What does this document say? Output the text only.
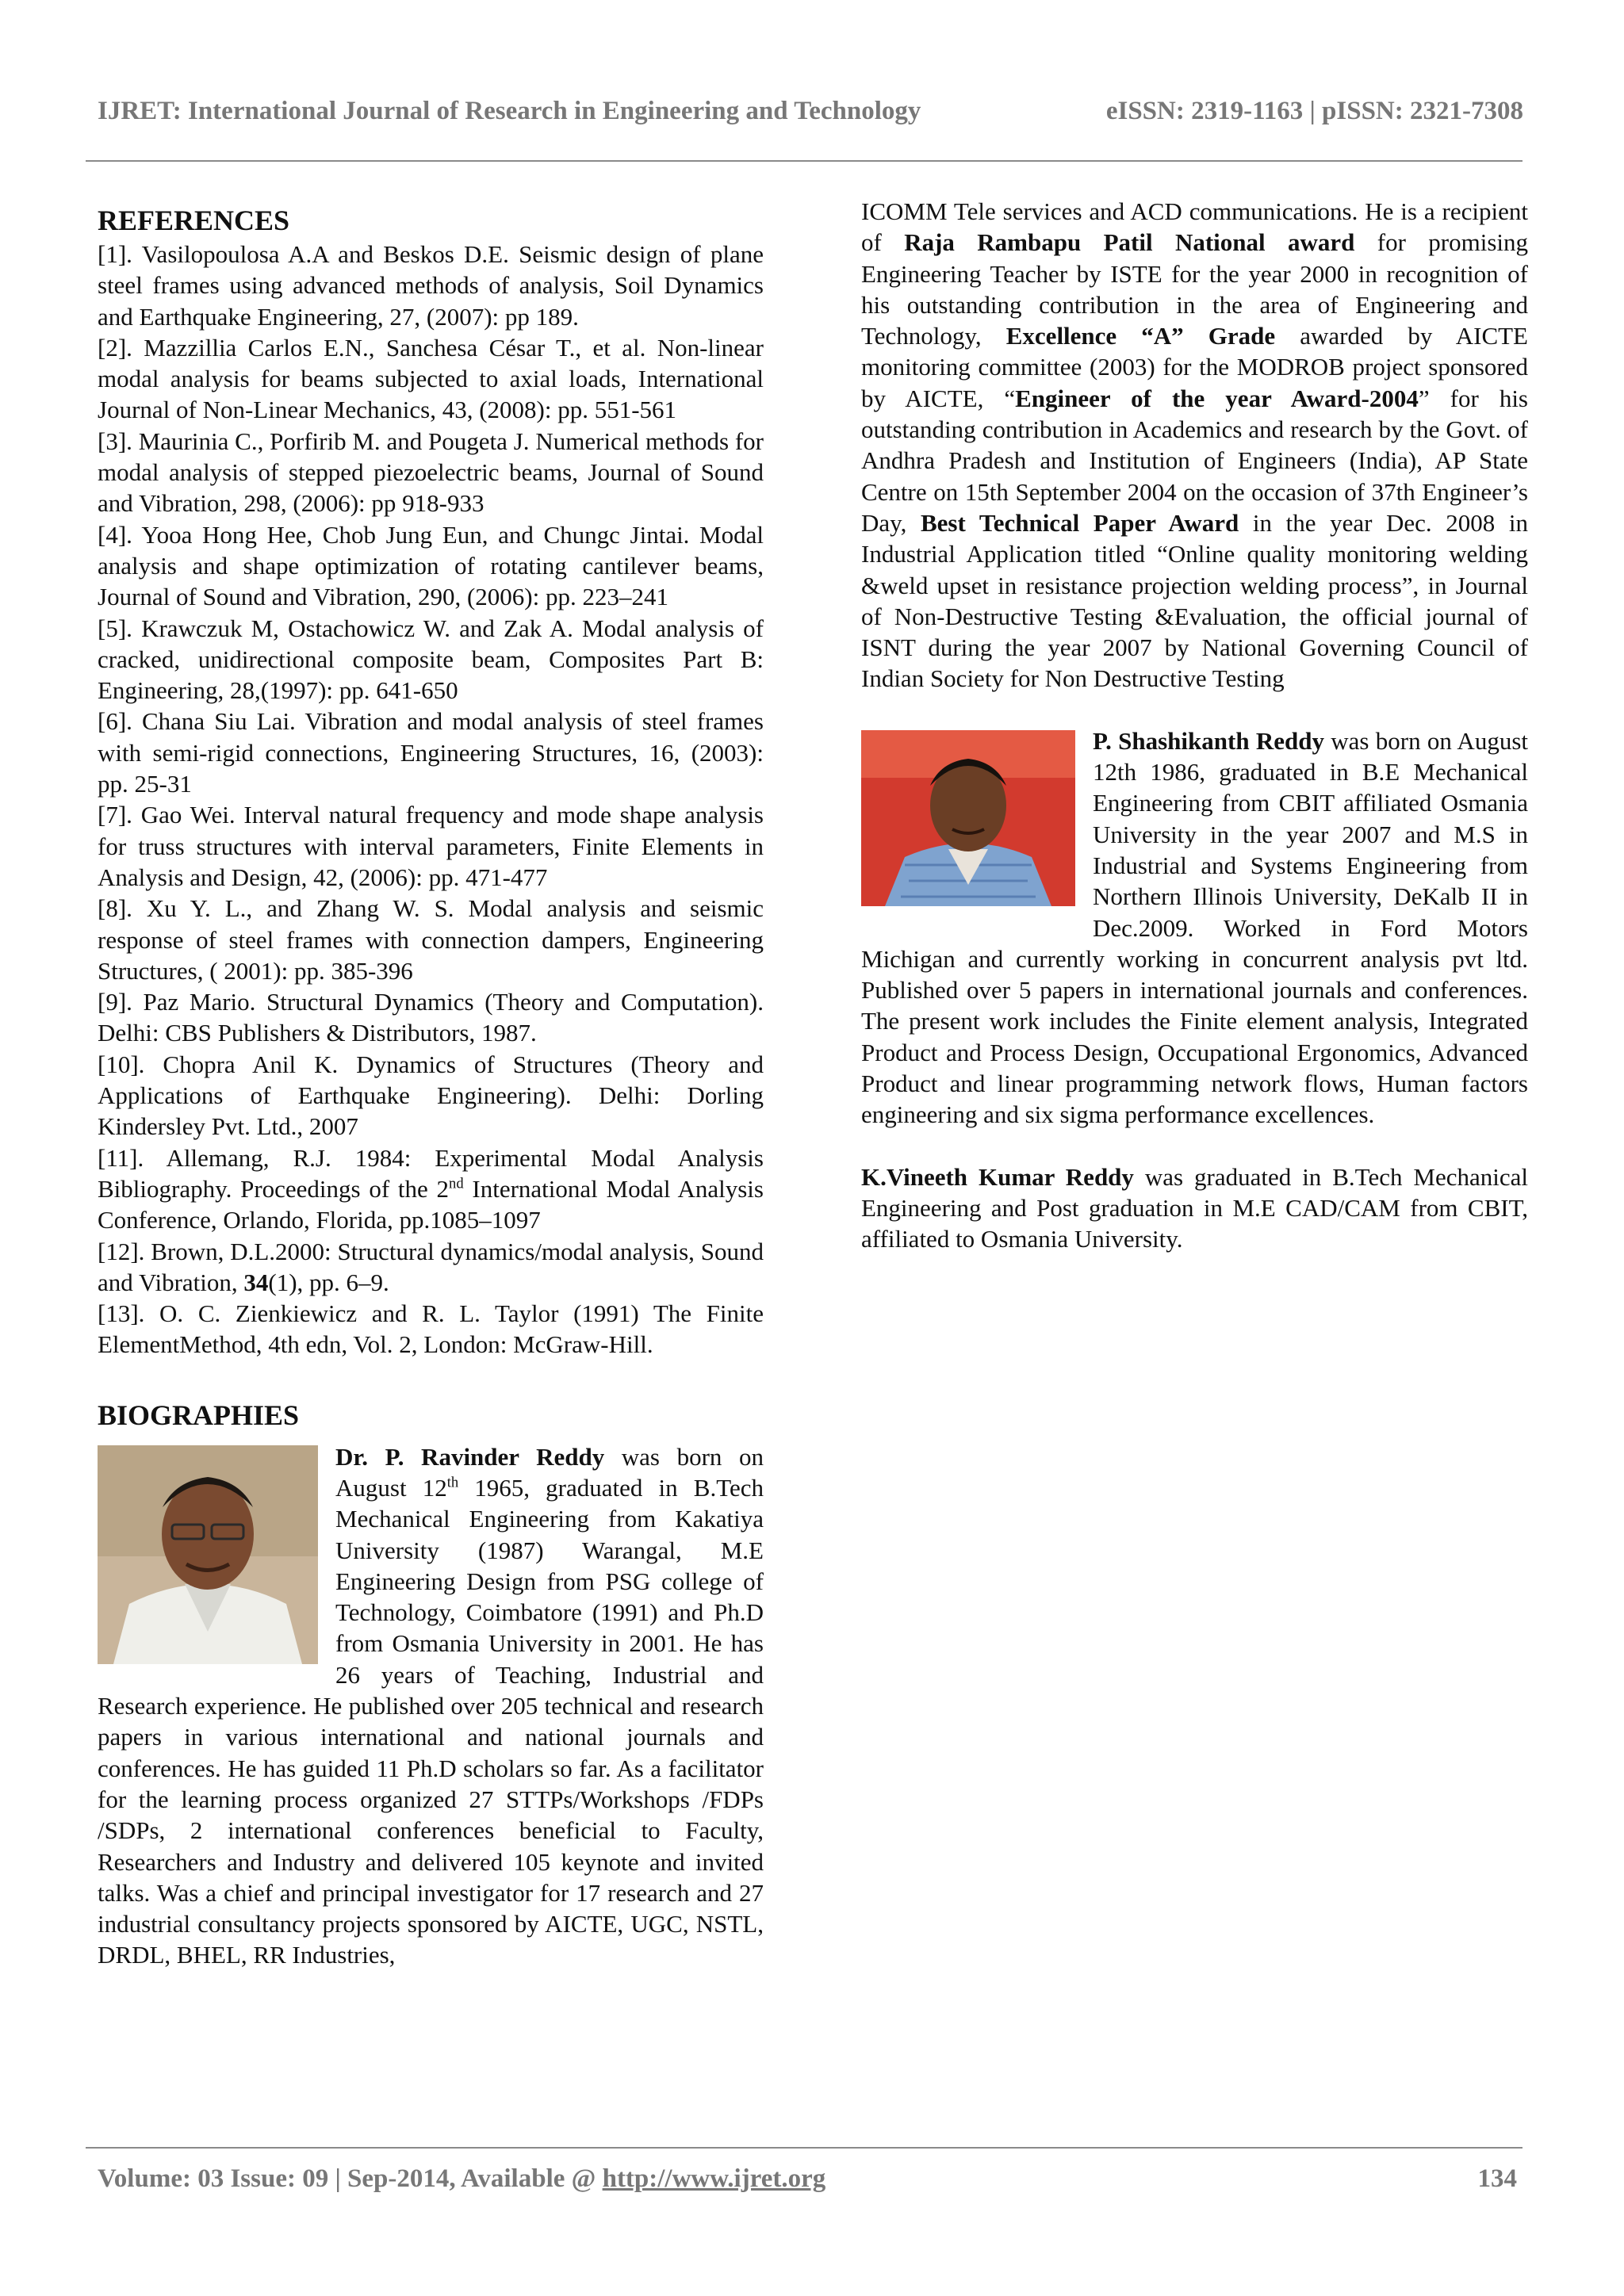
IJRET: International Journal of Research in Engineering and Technology	eISSN: 2319-1163 | pISSN: 2321-7308
REFERENCES

[1]. Vasilopoulosa A.A and Beskos D.E. Seismic design of plane steel frames using advanced methods of analysis, Soil Dynamics and Earthquake Engineering, 27, (2007): pp 189.

[2]. Mazzillia Carlos E.N., Sanchesa César T., et al. Non-linear modal analysis for beams subjected to axial loads, International Journal of Non-Linear Mechanics, 43, (2008): pp. 551-561

[3]. Maurinia C., Porfirib M. and Pougeta J. Numerical methods for modal analysis of stepped piezoelectric beams, Journal of Sound and Vibration, 298, (2006): pp 918-933

[4]. Yooa Hong Hee, Chob Jung Eun, and Chungc Jintai. Modal analysis and shape optimization of rotating cantilever beams, Journal of Sound and Vibration, 290, (2006): pp. 223–241

[5]. Krawczuk M, Ostachowicz W. and Zak A. Modal analysis of cracked, unidirectional composite beam, Composites Part B: Engineering, 28,(1997): pp. 641-650

[6]. Chana Siu Lai. Vibration and modal analysis of steel frames with semi-rigid connections, Engineering Structures, 16, (2003): pp. 25-31

[7]. Gao Wei. Interval natural frequency and mode shape analysis for truss structures with interval parameters, Finite Elements in Analysis and Design, 42, (2006): pp. 471-477

[8]. Xu Y. L., and Zhang W. S. Modal analysis and seismic response of steel frames with connection dampers, Engineering Structures, ( 2001): pp. 385-396

[9]. Paz Mario. Structural Dynamics (Theory and Computation). Delhi: CBS Publishers & Distributors, 1987.

[10]. Chopra Anil K. Dynamics of Structures (Theory and Applications of Earthquake Engineering). Delhi: Dorling Kindersley Pvt. Ltd., 2007

[11]. Allemang, R.J. 1984: Experimental Modal Analysis Bibliography. Proceedings of the 2nd International Modal Analysis Conference, Orlando, Florida, pp.1085–1097

[12]. Brown, D.L.2000: Structural dynamics/modal analysis, Sound and Vibration, 34(1), pp. 6–9.

[13]. O. C. Zienkiewicz and R. L. Taylor (1991) The Finite ElementMethod, 4th edn, Vol. 2, London: McGraw-Hill.

BIOGRAPHIES

Dr. P. Ravinder Reddy was born on August 12th 1965, graduated in B.Tech Mechanical Engineering from Kakatiya University (1987) Warangal, M.E Engineering Design from PSG college of Technology, Coimbatore (1991) and Ph.D from Osmania University in 2001. He has 26 years of Teaching, Industrial and Research experience. He published over 205 technical and research papers in various international and national journals and conferences. He has guided 11 Ph.D scholars so far. As a facilitator for the learning process organized 27 STTPs/Workshops /FDPs /SDPs, 2 international conferences beneficial to Faculty, Researchers and Industry and delivered 105 keynote and invited talks. Was a chief and principal investigator for 17 research and 27 industrial consultancy projects sponsored by AICTE, UGC, NSTL, DRDL, BHEL, RR Industries,

ICOMM Tele services and ACD communications. He is a recipient of Raja Rambapu Patil National award for promising Engineering Teacher by ISTE for the year 2000 in recognition of his outstanding contribution in the area of Engineering and Technology, Excellence “A” Grade awarded by AICTE monitoring committee (2003) for the MODROB project sponsored by AICTE, “Engineer of the year Award-2004” for his outstanding contribution in Academics and research by the Govt. of Andhra Pradesh and Institution of Engineers (India), AP State Centre on 15th September 2004 on the occasion of 37th Engineer’s Day, Best Technical Paper Award in the year Dec. 2008 in Industrial Application titled “Online quality monitoring welding &weld upset in resistance projection welding process”, in Journal of Non-Destructive Testing &Evaluation, the official journal of ISNT during the year 2007 by National Governing Council of Indian Society for Non Destructive Testing

P. Shashikanth Reddy was born on August 12th 1986, graduated in B.E Mechanical Engineering from CBIT affiliated Osmania University in the year 2007 and M.S in Industrial and Systems Engineering from Northern Illinois University, DeKalb II in Dec.2009. Worked in Ford Motors Michigan and currently working in concurrent analysis pvt ltd. Published over 5 papers in international journals and conferences. The present work includes the Finite element analysis, Integrated Product and Process Design, Occupational Ergonomics, Advanced Product and linear programming network flows, Human factors engineering and six sigma performance excellences.

K.Vineeth Kumar Reddy was graduated in B.Tech Mechanical Engineering and Post graduation in M.E CAD/CAM from CBIT, affiliated to Osmania University.

Volume: 03 Issue: 09 | Sep-2014, Available @ http://www.ijret.org	134
